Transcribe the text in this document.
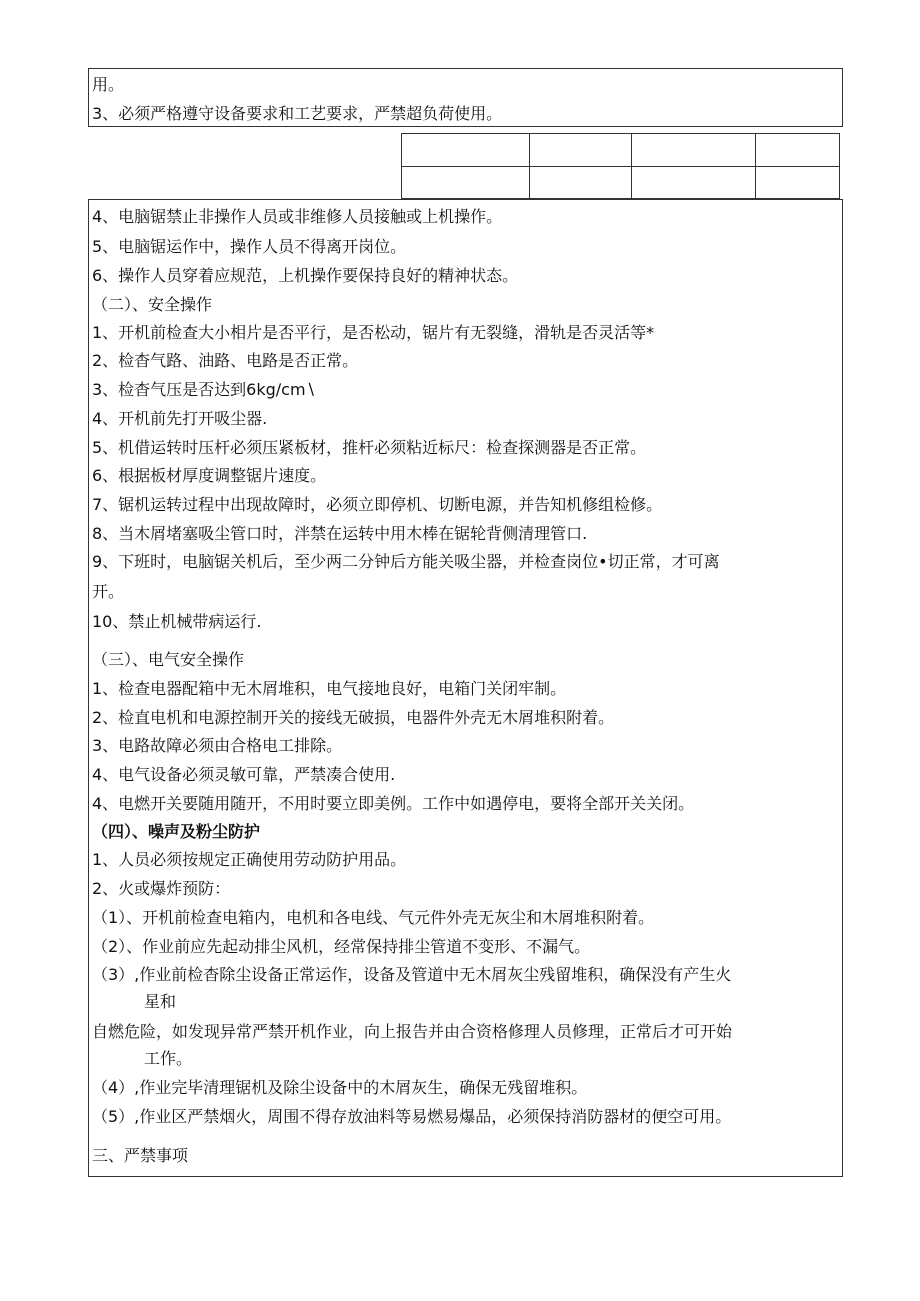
用。
3、必须严格遵守设备要求和工艺要求，严禁超负荷使用。

4、电脑锯禁止非操作人员或非维修人员接触或上机操作。
5、电脑锯运作中，操作人员不得离开岗位。
6、操作人员穿着应规范，上机操作要保持良好的精神状态。
（二）、安全操作
1、开机前检查大小相片是否平行，是否松动，锯片有无裂缝，滑轨是否灵活等*
2、检杳气路、油路、电路是否正常。
3、检杳气压是否达到6kg∕cm∖
4、开机前先打开吸尘器.
5、机借运转时压杆必须压紧板材，推杆必须粘近标尺：检查探测器是否正常。
6、根据板材厚度调整锯片速度。
7、锯机运转过程中出现故障时，必须立即停机、切断电源，并告知机修组检修。
8、当木屑堵塞吸尘管口时，泮禁在运转中用木棒在锯轮背侧清理管口.
9、下班时，电脑锯关机后，至少两二分钟后方能关吸尘器，并检查岗位•切正常，才可离
开。
10、禁止机械带病运行.
（三）、电气安全操作
1、检查电器配箱中无木屑堆积，电气接地良好，电箱门关闭牢制。
2、检直电机和电源控制开关的接线无破损，电器件外壳无木屑堆积附着。
3、电路故障必须由合格电工排除。
4、电气设备必须灵敏可靠，严禁凑合使用.
4、电燃开关要随用随开，不用时要立即美例。工作中如遇停电，要将全部开关关闭。
（四）、噪声及粉尘防护
1、人员必须按规定正确使用劳动防护用品。
2、火或爆炸预防：
（1）、开机前检查电箱内，电机和各电线、气元件外壳无灰尘和木屑堆积附着。
（2）、作业前应先起动排尘风机，经常保持排尘管道不变形、不漏气。
（3）,作业前检杳除尘设备正常运作，设备及管道中无木屑灰尘残留堆积，确保没有产生火
星和
自燃危险，如发现异常严禁开机作业，向上报告并由合资格修理人员修理，正常后才可开始
工作。
（4）,作业完毕清理锯机及除尘设备中的木屑灰生，确保无残留堆积。
（5）,作业区严禁烟火，周围不得存放油料等易燃易爆品，必须保持消防器材的便空可用。
三、严禁事项
